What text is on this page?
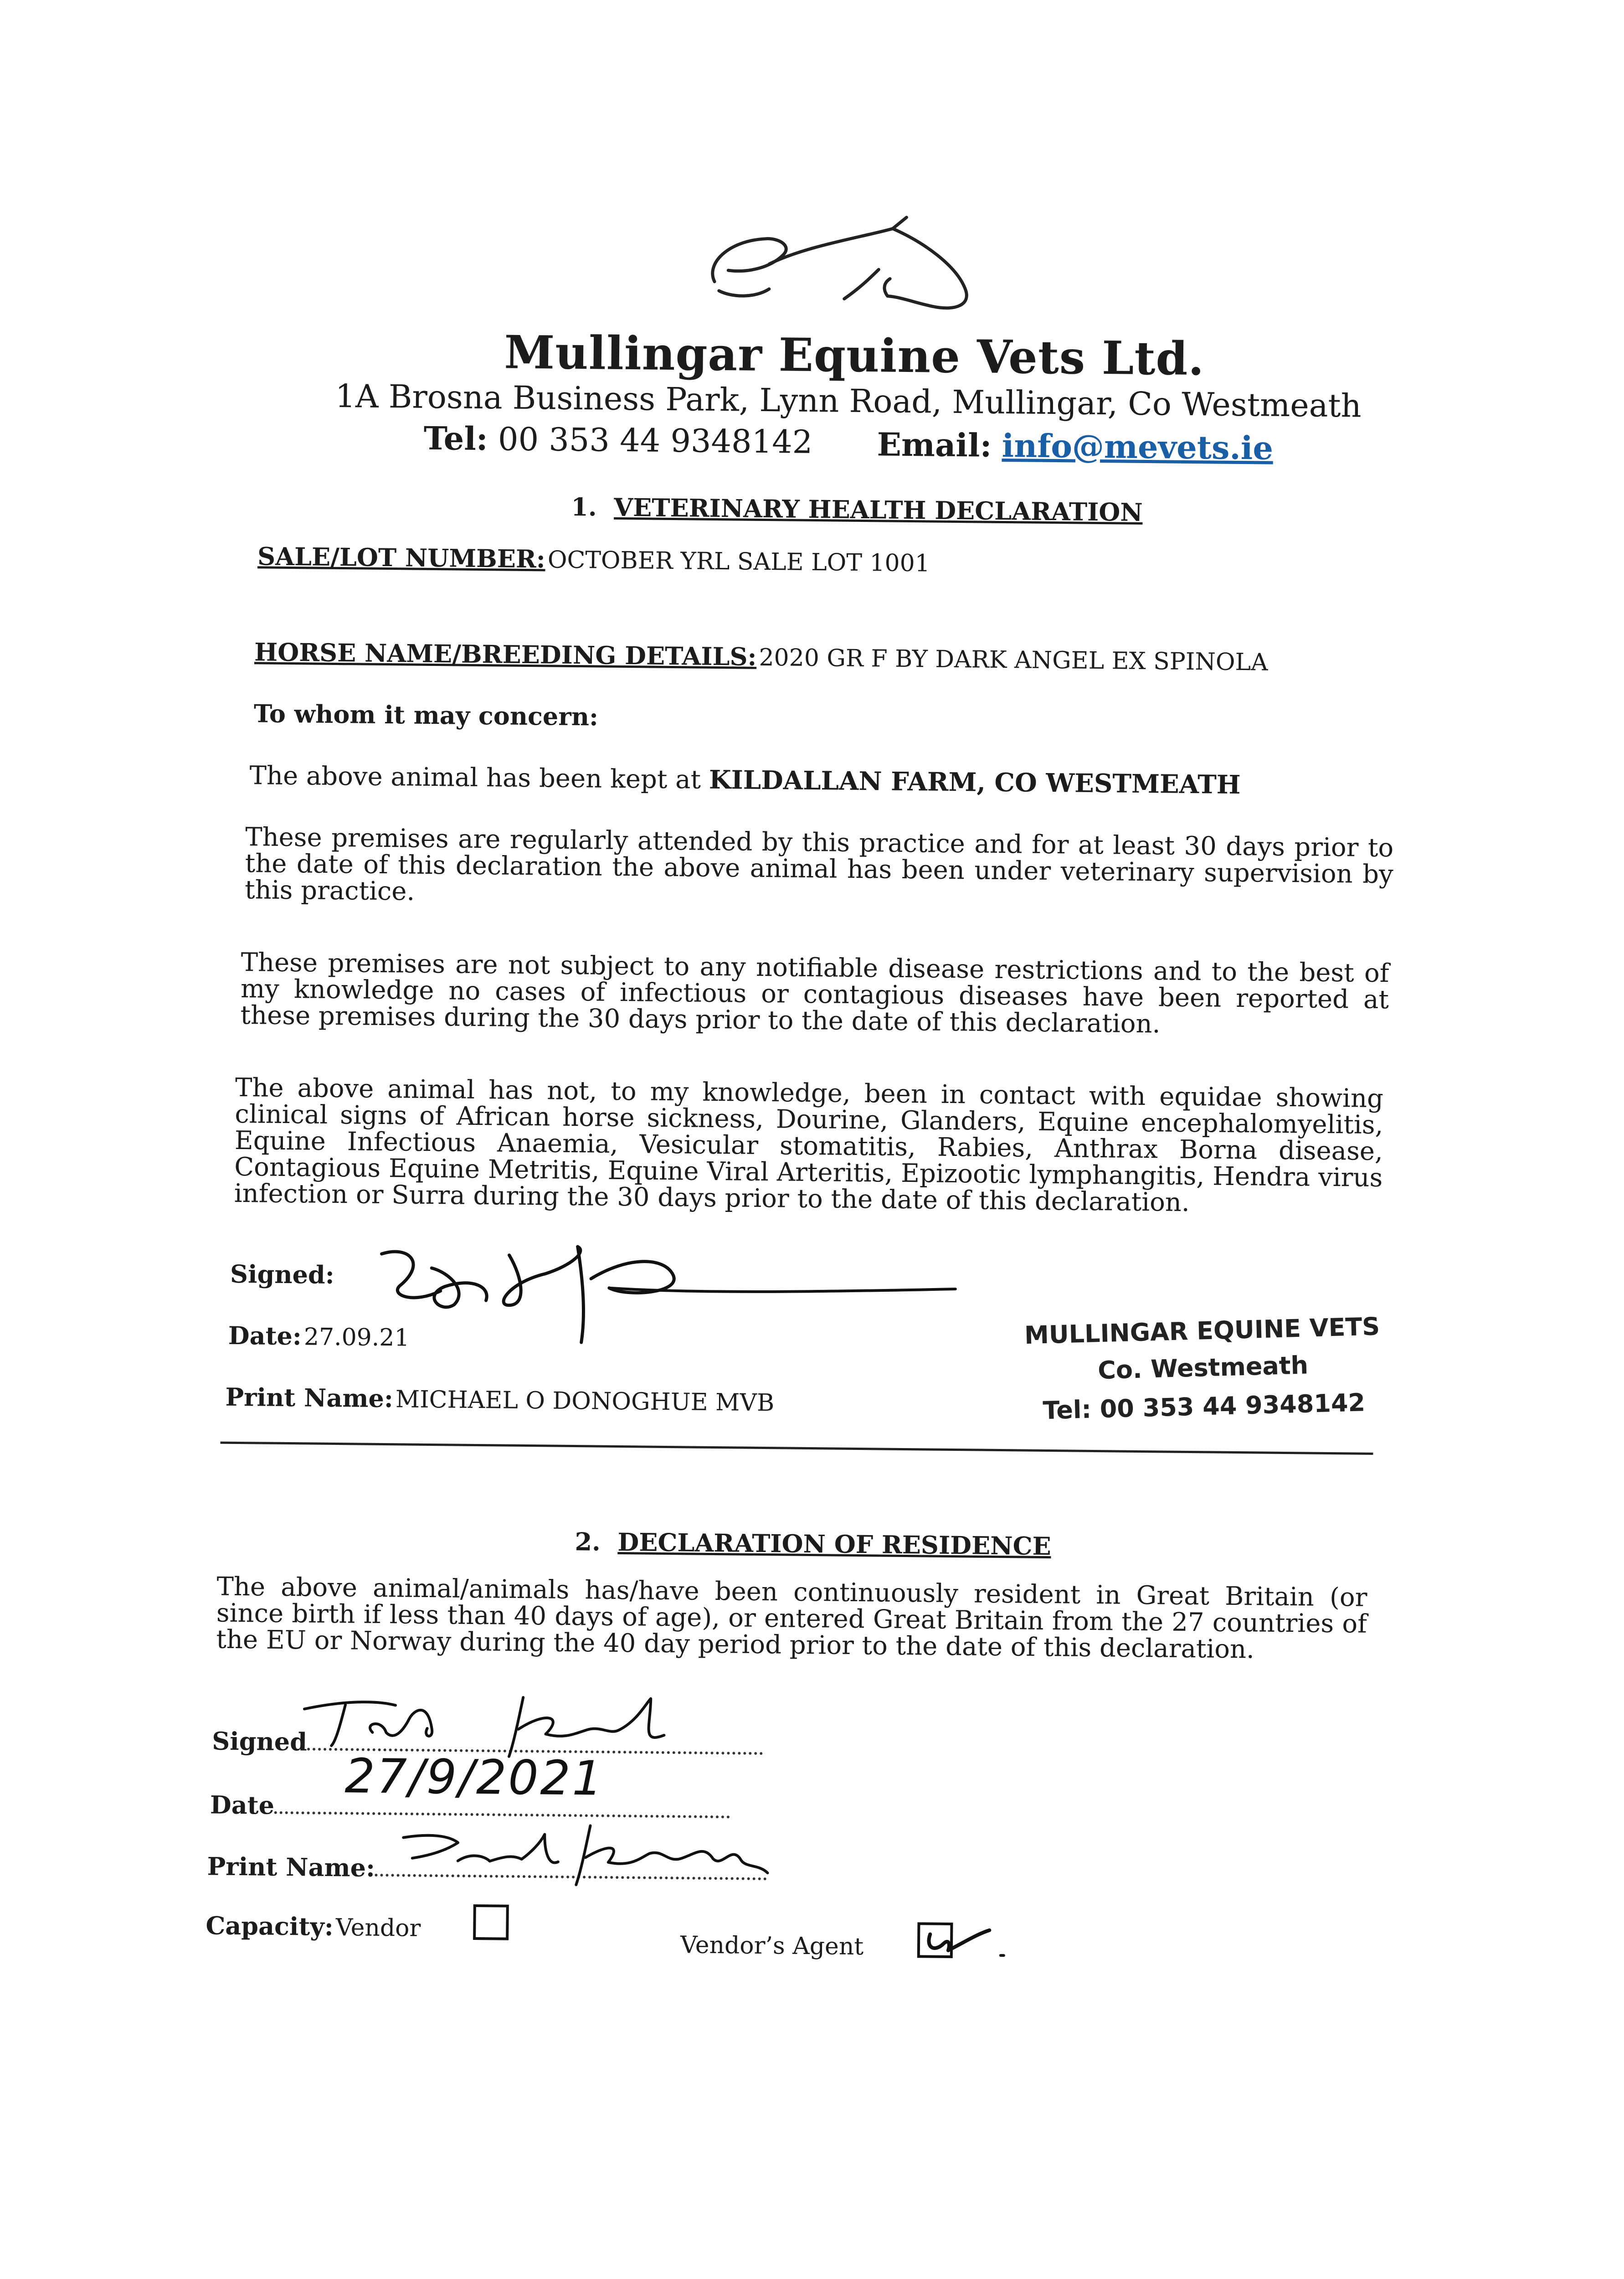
Mullingar Equine Vets Ltd.
1A Brosna Business Park, Lynn Road, Mullingar, Co Westmeath
Tel: 00 353 44 9348142 Email: info@mevets.ie
1. VETERINARY HEALTH DECLARATION
SALE/LOT NUMBER: OCTOBER YRL SALE LOT 1001
HORSE NAME/BREEDING DETAILS: 2020 GR F BY DARK ANGEL EX SPINOLA
To whom it may concern:
The above animal has been kept at KILDALLAN FARM, CO WESTMEATH
These premises are regularly attended by this practice and for at least 30 days prior to the date of this declaration the above animal has been under veterinary supervision by this practice.
These premises are not subject to any notifiable disease restrictions and to the best of my knowledge no cases of infectious or contagious diseases have been reported at these premises during the 30 days prior to the date of this declaration.
The above animal has not, to my knowledge, been in contact with equidae showing clinical signs of African horse sickness, Dourine, Glanders, Equine encephalomyelitis, Equine Infectious Anaemia, Vesicular stomatitis, Rabies, Anthrax Borna disease, Contagious Equine Metritis, Equine Viral Arteritis, Epizootic lymphangitis, Hendra virus infection or Surra during the 30 days prior to the date of this declaration.
Signed:
Date: 27.09.21
Print Name: MICHAEL O DONOGHUE MVB
MULLINGAR EQUINE VETS
Co. Westmeath
Tel: 00 353 44 9348142
2. DECLARATION OF RESIDENCE
The above animal/animals has/have been continuously resident in Great Britain (or since birth if less than 40 days of age), or entered Great Britain from the 27 countries of the EU or Norway during the 40 day period prior to the date of this declaration.
Signed
Date	27/9/2021
Print Name:
Capacity: Vendor
Vendor’s Agent
